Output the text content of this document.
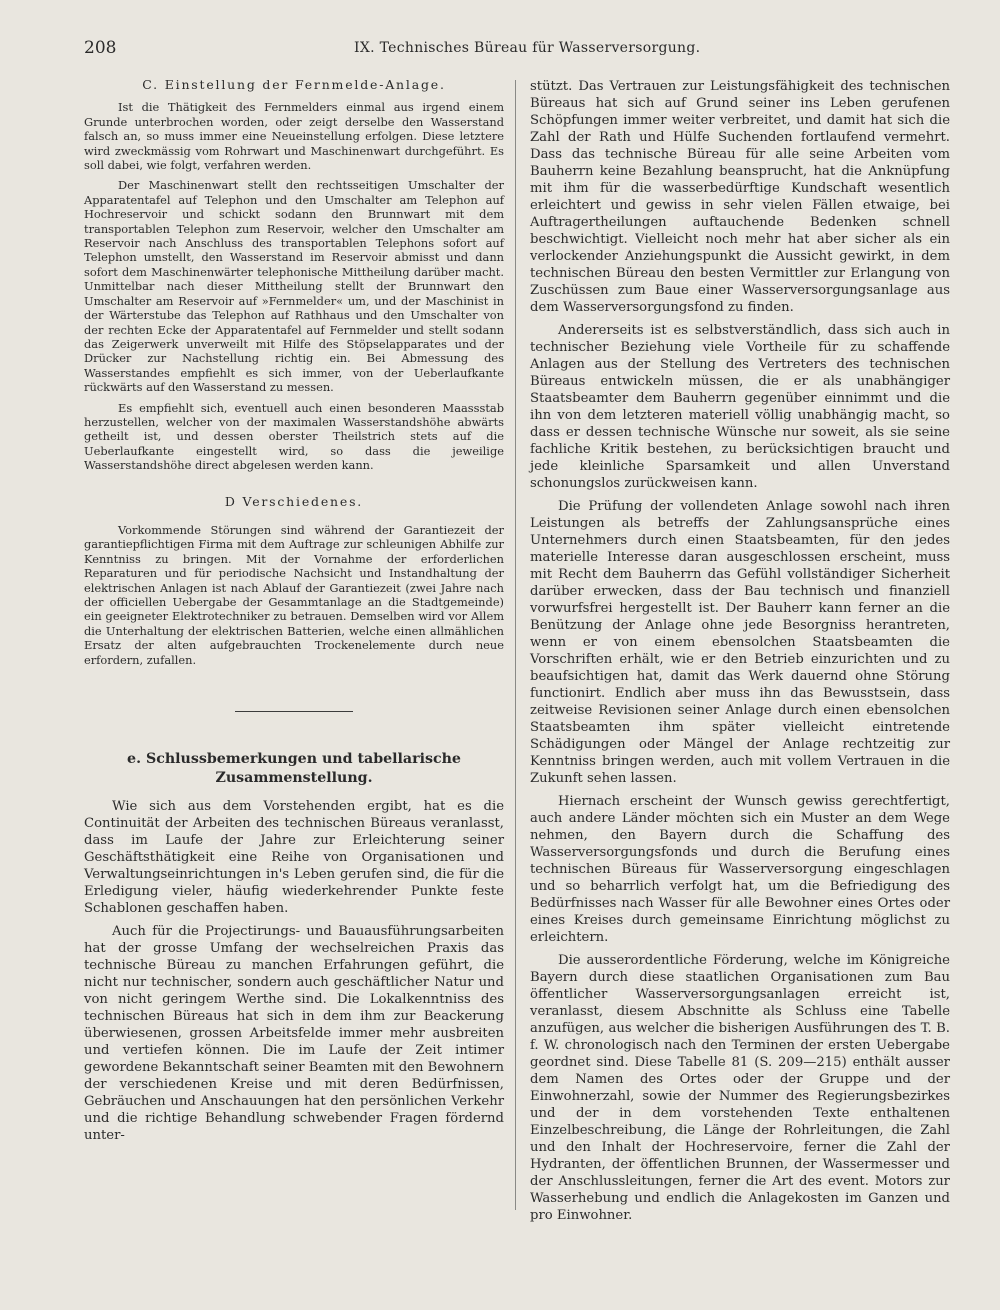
208	IX. Technisches Büreau für Wasserversorgung.
C. Einstellung der Fernmelde-Anlage.

Ist die Thätigkeit des Fernmelders einmal aus irgend einem Grunde unterbrochen worden, oder zeigt derselbe den Wasserstand falsch an, so muss immer eine Neueinstellung erfolgen. Diese letztere wird zweckmässig vom Rohrwart und Maschinenwart durchgeführt. Es soll dabei, wie folgt, verfahren werden.

Der Maschinenwart stellt den rechtsseitigen Umschalter der Apparatentafel auf Telephon und den Umschalter am Telephon auf Hochreservoir und schickt sodann den Brunnwart mit dem transportablen Telephon zum Reservoir, welcher den Umschalter am Reservoir nach Anschluss des transportablen Telephons sofort auf Telephon umstellt, den Wasserstand im Reservoir abmisst und dann sofort dem Maschinenwärter telephonische Mittheilung darüber macht. Unmittelbar nach dieser Mittheilung stellt der Brunnwart den Umschalter am Reservoir auf »Fernmelder« um, und der Maschinist in der Wärterstube das Telephon auf Rathhaus und den Umschalter von der rechten Ecke der Apparatentafel auf Fernmelder und stellt sodann das Zeigerwerk unverweilt mit Hilfe des Stöpselapparates und der Drücker zur Nachstellung richtig ein. Bei Abmessung des Wasserstandes empfiehlt es sich immer, von der Ueberlaufkante rückwärts auf den Wasserstand zu messen.

Es empfiehlt sich, eventuell auch einen besonderen Maassstab herzustellen, welcher von der maximalen Wasserstandshöhe abwärts getheilt ist, und dessen oberster Theilstrich stets auf die Ueberlaufkante eingestellt wird, so dass die jeweilige Wasserstandshöhe direct abgelesen werden kann.

D Verschiedenes.

Vorkommende Störungen sind während der Garantiezeit der garantiepflichtigen Firma mit dem Auftrage zur schleunigen Abhilfe zur Kenntniss zu bringen. Mit der Vornahme der erforderlichen Reparaturen und für periodische Nachsicht und Instandhaltung der elektrischen Anlagen ist nach Ablauf der Garantiezeit (zwei Jahre nach der officiellen Uebergabe der Gesammtanlage an die Stadtgemeinde) ein geeigneter Elektrotechniker zu betrauen. Demselben wird vor Allem die Unterhaltung der elektrischen Batterien, welche einen allmählichen Ersatz der alten aufgebrauchten Trockenelemente durch neue erfordern, zufallen.

e. Schlussbemerkungen und tabellarische
Zusammenstellung.

Wie sich aus dem Vorstehenden ergibt, hat es die Continuität der Arbeiten des technischen Büreaus veranlasst, dass im Laufe der Jahre zur Erleichterung seiner Geschäftsthätigkeit eine Reihe von Organisationen und Verwaltungseinrichtungen in's Leben gerufen sind, die für die Erledigung vieler, häufig wiederkehrender Punkte feste Schablonen geschaffen haben.

Auch für die Projectirungs- und Bauausführungsarbeiten hat der grosse Umfang der wechselreichen Praxis das technische Büreau zu manchen Erfahrungen geführt, die nicht nur technischer, sondern auch geschäftlicher Natur und von nicht geringem Werthe sind. Die Lokalkenntniss des technischen Büreaus hat sich in dem ihm zur Beackerung überwiesenen, grossen Arbeitsfelde immer mehr ausbreiten und vertiefen können. Die im Laufe der Zeit intimer gewordene Bekanntschaft seiner Beamten mit den Bewohnern der verschiedenen Kreise und mit deren Bedürfnissen, Gebräuchen und Anschauungen hat den persönlichen Verkehr und die richtige Behandlung schwebender Fragen fördernd unter-

stützt. Das Vertrauen zur Leistungsfähigkeit des technischen Büreaus hat sich auf Grund seiner ins Leben gerufenen Schöpfungen immer weiter verbreitet, und damit hat sich die Zahl der Rath und Hülfe Suchenden fortlaufend vermehrt. Dass das technische Büreau für alle seine Arbeiten vom Bauherrn keine Bezahlung beansprucht, hat die Anknüpfung mit ihm für die wasserbedürftige Kundschaft wesentlich erleichtert und gewiss in sehr vielen Fällen etwaige, bei Auftragertheilungen auftauchende Bedenken schnell beschwichtigt. Vielleicht noch mehr hat aber sicher als ein verlockender Anziehungspunkt die Aussicht gewirkt, in dem technischen Büreau den besten Vermittler zur Erlangung von Zuschüssen zum Baue einer Wasserversorgungsanlage aus dem Wasserversorgungsfond zu finden.

Andererseits ist es selbstverständlich, dass sich auch in technischer Beziehung viele Vortheile für zu schaffende Anlagen aus der Stellung des Vertreters des technischen Büreaus entwickeln müssen, die er als unabhängiger Staatsbeamter dem Bauherrn gegenüber einnimmt und die ihn von dem letzteren materiell völlig unabhängig macht, so dass er dessen technische Wünsche nur soweit, als sie seine fachliche Kritik bestehen, zu berücksichtigen braucht und jede kleinliche Sparsamkeit und allen Unverstand schonungslos zurückweisen kann.

Die Prüfung der vollendeten Anlage sowohl nach ihren Leistungen als betreffs der Zahlungsansprüche eines Unternehmers durch einen Staatsbeamten, für den jedes materielle Interesse daran ausgeschlossen erscheint, muss mit Recht dem Bauherrn das Gefühl vollständiger Sicherheit darüber erwecken, dass der Bau technisch und finanziell vorwurfsfrei hergestellt ist. Der Bauherr kann ferner an die Benützung der Anlage ohne jede Besorgniss herantreten, wenn er von einem ebensolchen Staatsbeamten die Vorschriften erhält, wie er den Betrieb einzurichten und zu beaufsichtigen hat, damit das Werk dauernd ohne Störung functionirt. Endlich aber muss ihn das Bewusstsein, dass zeitweise Revisionen seiner Anlage durch einen ebensolchen Staatsbeamten ihm später vielleicht eintretende Schädigungen oder Mängel der Anlage rechtzeitig zur Kenntniss bringen werden, auch mit vollem Vertrauen in die Zukunft sehen lassen.

Hiernach erscheint der Wunsch gewiss gerechtfertigt, auch andere Länder möchten sich ein Muster an dem Wege nehmen, den Bayern durch die Schaffung des Wasserversorgungsfonds und durch die Berufung eines technischen Büreaus für Wasserversorgung eingeschlagen und so beharrlich verfolgt hat, um die Befriedigung des Bedürfnisses nach Wasser für alle Bewohner eines Ortes oder eines Kreises durch gemeinsame Einrichtung möglichst zu erleichtern.

Die ausserordentliche Förderung, welche im Königreiche Bayern durch diese staatlichen Organisationen zum Bau öffentlicher Wasserversorgungsanlagen erreicht ist, veranlasst, diesem Abschnitte als Schluss eine Tabelle anzufügen, aus welcher die bisherigen Ausführungen des T. B. f. W. chronologisch nach den Terminen der ersten Uebergabe geordnet sind. Diese Tabelle 81 (S. 209—215) enthält ausser dem Namen des Ortes oder der Gruppe und der Einwohnerzahl, sowie der Nummer des Regierungsbezirkes und der in dem vorstehenden Texte enthaltenen Einzelbeschreibung, die Länge der Rohrleitungen, die Zahl und den Inhalt der Hochreservoire, ferner die Zahl der Hydranten, der öffentlichen Brunnen, der Wassermesser und der Anschlussleitungen, ferner die Art des event. Motors zur Wasserhebung und endlich die Anlagekosten im Ganzen und pro Einwohner.
